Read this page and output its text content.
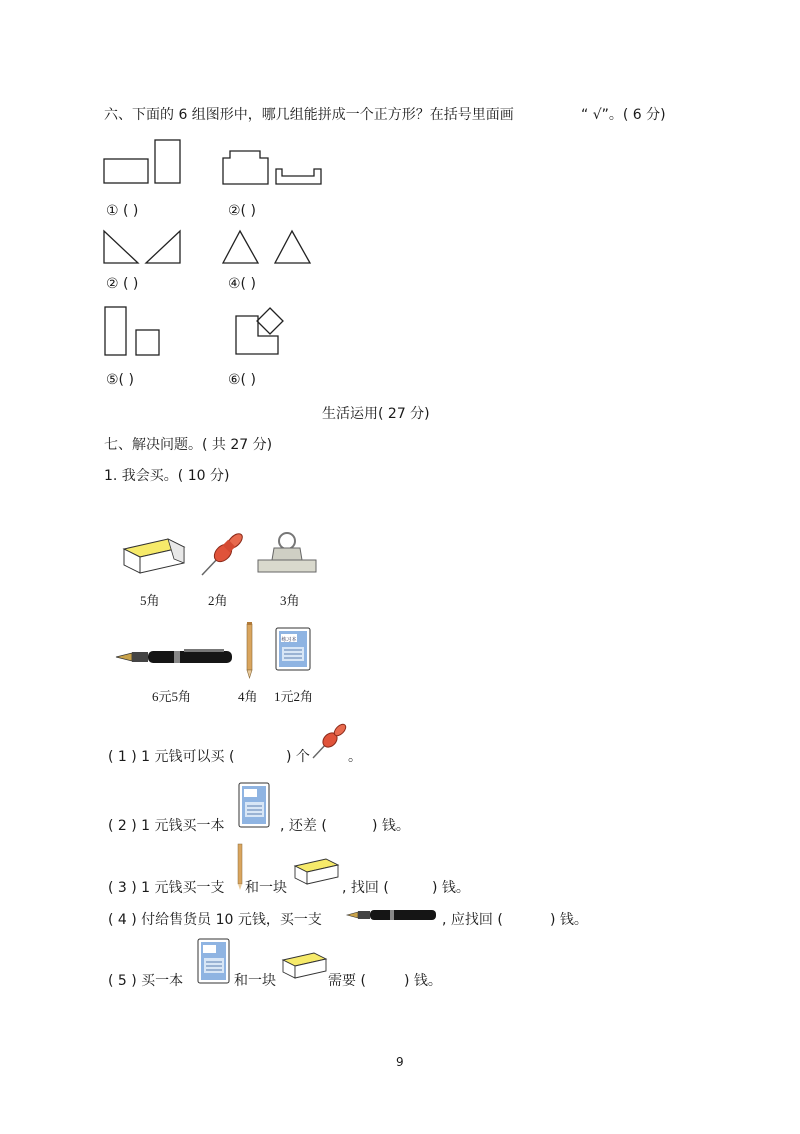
六、下面的 6 组图形中，哪几组能拼成一个正方形？在括号里面画	“ √”。( 6 分)
① ( )	②( )
② ( )	④( )
⑤( )	⑥( )
生活运用( 27 分)
七、解决问题。( 共 27 分)
1. 我会买。( 10 分)
5角	2角	3角
练习本
6元5角	4角 1元2角
( 1 ) 1 元钱可以买 (	) 个	。
( 2 ) 1 元钱买一本	, 还差 (	) 钱。
( 3 ) 1 元钱买一支 和一块	, 找回 (	) 钱。
( 4 ) 付给售货员 10 元钱，买一支	, 应找回 (	) 钱。
( 5 ) 买一本	和一块	需要 (	) 钱。
9
